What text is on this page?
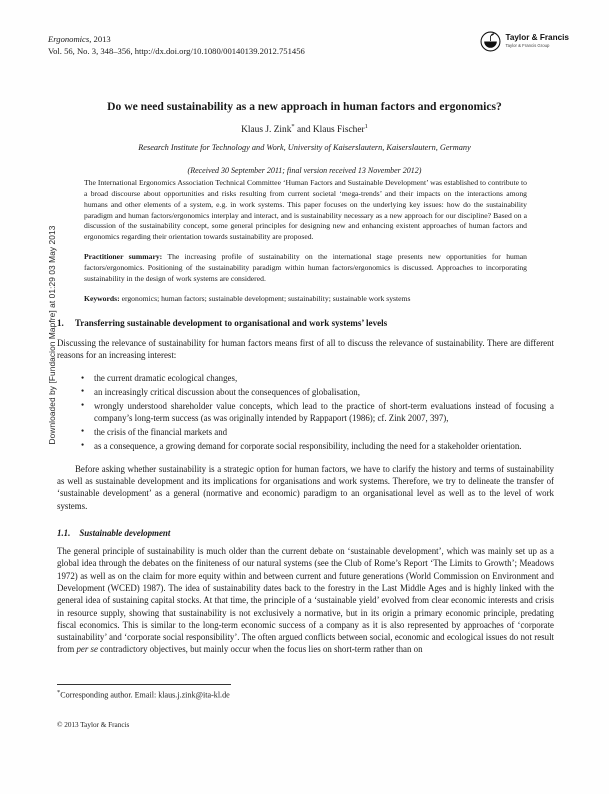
Downloaded by [Fundacion Mapfre] at 01:29 03 May 2013
Ergonomics, 2013
Vol. 56, No. 3, 348–356, http://dx.doi.org/10.1080/00140139.2012.751456
Taylor & Francis
Taylor & Francis Group
Do we need sustainability as a new approach in human factors and ergonomics?
Klaus J. Zink* and Klaus Fischer$^1$
Research Institute for Technology and Work, University of Kaiserslautern, Kaiserslautern, Germany
(Received 30 September 2011; final version received 13 November 2012)

The International Ergonomics Association Technical Committee ‘Human Factors and Sustainable Development’ was established to contribute to a broad discourse about opportunities and risks resulting from current societal ‘mega-trends’ and their impacts on the interactions among humans and other elements of a system, e.g. in work systems. This paper focuses on the underlying key issues: how do the sustainability paradigm and human factors/ergonomics interplay and interact, and is sustainability necessary as a new approach for our discipline? Based on a discussion of the sustainability concept, some general principles for designing new and enhancing existent approaches of human factors and ergonomics regarding their orientation towards sustainability are proposed.

Practitioner summary: The increasing profile of sustainability on the international stage presents new opportunities for human factors/ergonomics. Positioning of the sustainability paradigm within human factors/ergonomics is discussed. Approaches to incorporating sustainability in the design of work systems are considered.

Keywords: ergonomics; human factors; sustainable development; sustainability; sustainable work systems

1. Transferring sustainable development to organisational and work systems’ levels

Discussing the relevance of sustainability for human factors means first of all to discuss the relevance of sustainability. There are different reasons for an increasing interest:

● the current dramatic ecological changes,
● an increasingly critical discussion about the consequences of globalisation,
● wrongly understood shareholder value concepts, which lead to the practice of short-term evaluations instead of focusing a company’s long-term success (as was originally intended by Rappaport (1986); cf. Zink 2007, 397),
● the crisis of the financial markets and
● as a consequence, a growing demand for corporate social responsibility, including the need for a stakeholder orientation.

Before asking whether sustainability is a strategic option for human factors, we have to clarify the history and terms of sustainability as well as sustainable development and its implications for organisations and work systems. Therefore, we try to delineate the transfer of ‘sustainable development’ as a general (normative and economic) paradigm to an organisational level as well as to the level of work systems.

1.1. Sustainable development

The general principle of sustainability is much older than the current debate on ‘sustainable development’, which was mainly set up as a global idea through the debates on the finiteness of our natural systems (see the Club of Rome’s Report ‘The Limits to Growth’; Meadows 1972) as well as on the claim for more equity within and between current and future generations (World Commission on Environment and Development (WCED) 1987). The idea of sustainability dates back to the forestry in the Last Middle Ages and is highly linked with the general idea of sustaining capital stocks. At that time, the principle of a ‘sustainable yield’ evolved from clear economic interests and crisis in resource supply, showing that sustainability is not exclusively a normative, but in its origin a primary economic principle, predating fiscal economics. This is similar to the long-term economic success of a company as it is also represented by approaches of ‘corporate sustainability’ and ‘corporate social responsibility’. The often argued conflicts between social, economic and ecological issues do not result from per se contradictory objectives, but mainly occur when the focus lies on short-term rather than on

*Corresponding author. Email: klaus.j.zink@ita-kl.de
© 2013 Taylor & Francis
